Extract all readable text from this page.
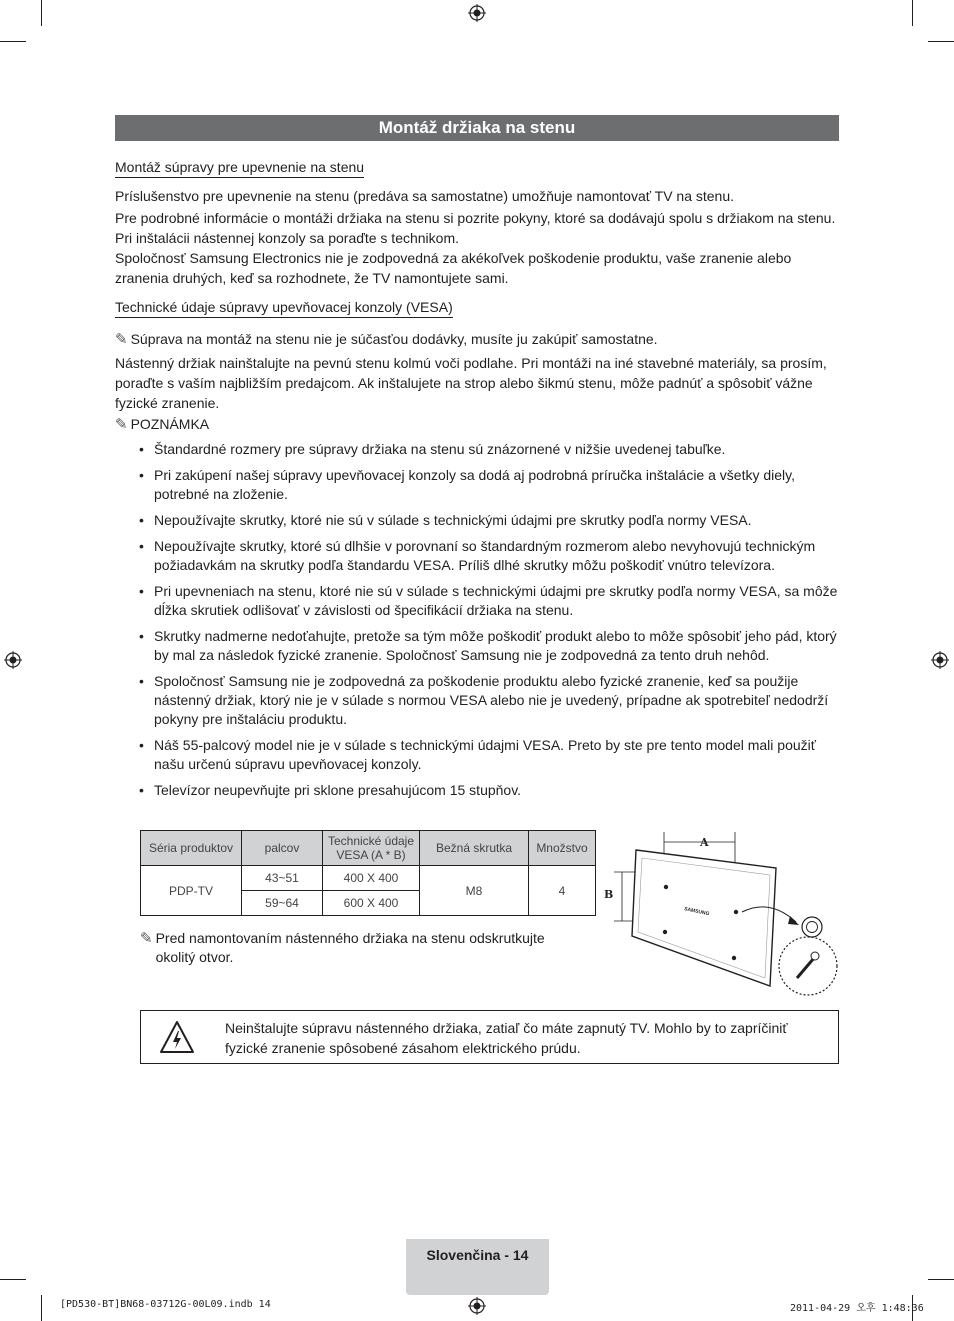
Montáž držiaka na stenu
Montáž súpravy pre upevnenie na stenu

Príslušenstvo pre upevnenie na stenu (predáva sa samostatne) umožňuje namontovať TV na stenu.

Pre podrobné informácie o montáži držiaka na stenu si pozrite pokyny, ktoré sa dodávajú spolu s držiakom na stenu. Pri inštalácii nástennej konzoly sa poraďte s technikom.

Spoločnosť Samsung Electronics nie je zodpovedná za akékoľvek poškodenie produktu, vaše zranenie alebo zranenia druhých, keď sa rozhodnete, že TV namontujete sami.

Technické údaje súpravy upevňovacej konzoly (VESA)
✎ Súprava na montáž na stenu nie je súčasťou dodávky, musíte ju zakúpiť samostatne.

Nástenný držiak nainštalujte na pevnú stenu kolmú voči podlahe. Pri montáži na iné stavebné materiály, sa prosím, poraďte s vaším najbližším predajcom. Ak inštalujete na strop alebo šikmú stenu, môže padnúť a spôsobiť vážne fyzické zranenie.

✎ POZNÁMKA
• Štandardné rozmery pre súpravy držiaka na stenu sú znázornené v nižšie uvedenej tabuľke.
• Pri zakúpení našej súpravy upevňovacej konzoly sa dodá aj podrobná príručka inštalácie a všetky diely, potrebné na zloženie.
• Nepoužívajte skrutky, ktoré nie sú v súlade s technickými údajmi pre skrutky podľa normy VESA.
• Nepoužívajte skrutky, ktoré sú dlhšie v porovnaní so štandardným rozmerom alebo nevyhovujú technickým požiadavkám na skrutky podľa štandardu VESA. Príliš dlhé skrutky môžu poškodiť vnútro televízora.
• Pri upevneniach na stenu, ktoré nie sú v súlade s technickými údajmi pre skrutky podľa normy VESA, sa môže dĺžka skrutiek odlišovať v závislosti od špecifikácií držiaka na stenu.
• Skrutky nadmerne nedoťahujte, pretože sa tým môže poškodiť produkt alebo to môže spôsobiť jeho pád, ktorý by mal za následok fyzické zranenie. Spoločnosť Samsung nie je zodpovedná za tento druh nehôd.
• Spoločnosť Samsung nie je zodpovedná za poškodenie produktu alebo fyzické zranenie, keď sa použije nástenný držiak, ktorý nie je v súlade s normou VESA alebo nie je uvedený, prípadne ak spotrebiteľ nedodrží pokyny pre inštaláciu produktu.
• Náš 55-palcový model nie je v súlade s technickými údajmi VESA. Preto by ste pre tento model mali použiť našu určenú súpravu upevňovacej konzoly.
• Televízor neupevňujte pri sklone presahujúcom 15 stupňov.
Séria produktov	palcov	Technické údaje VESA (A * B)	Bežná skrutka	Množstvo
PDP-TV	43~51	400 X 400	M8	4
	59~64	600 X 400		
✎ Pred namontovaním nástenného držiaka na stenu odskrutkujte okolitý otvor.
A
B
SAMSUNG
Neinštalujte súpravu nástenného držiaka, zatiaľ čo máte zapnutý TV. Mohlo by to zapríčiniť fyzické zranenie spôsobené zásahom elektrického prúdu.
Slovenčina - 14
[PD530-BT]BN68-03712G-00L09.indb 14	2011-04-29 오후 1:48:36
